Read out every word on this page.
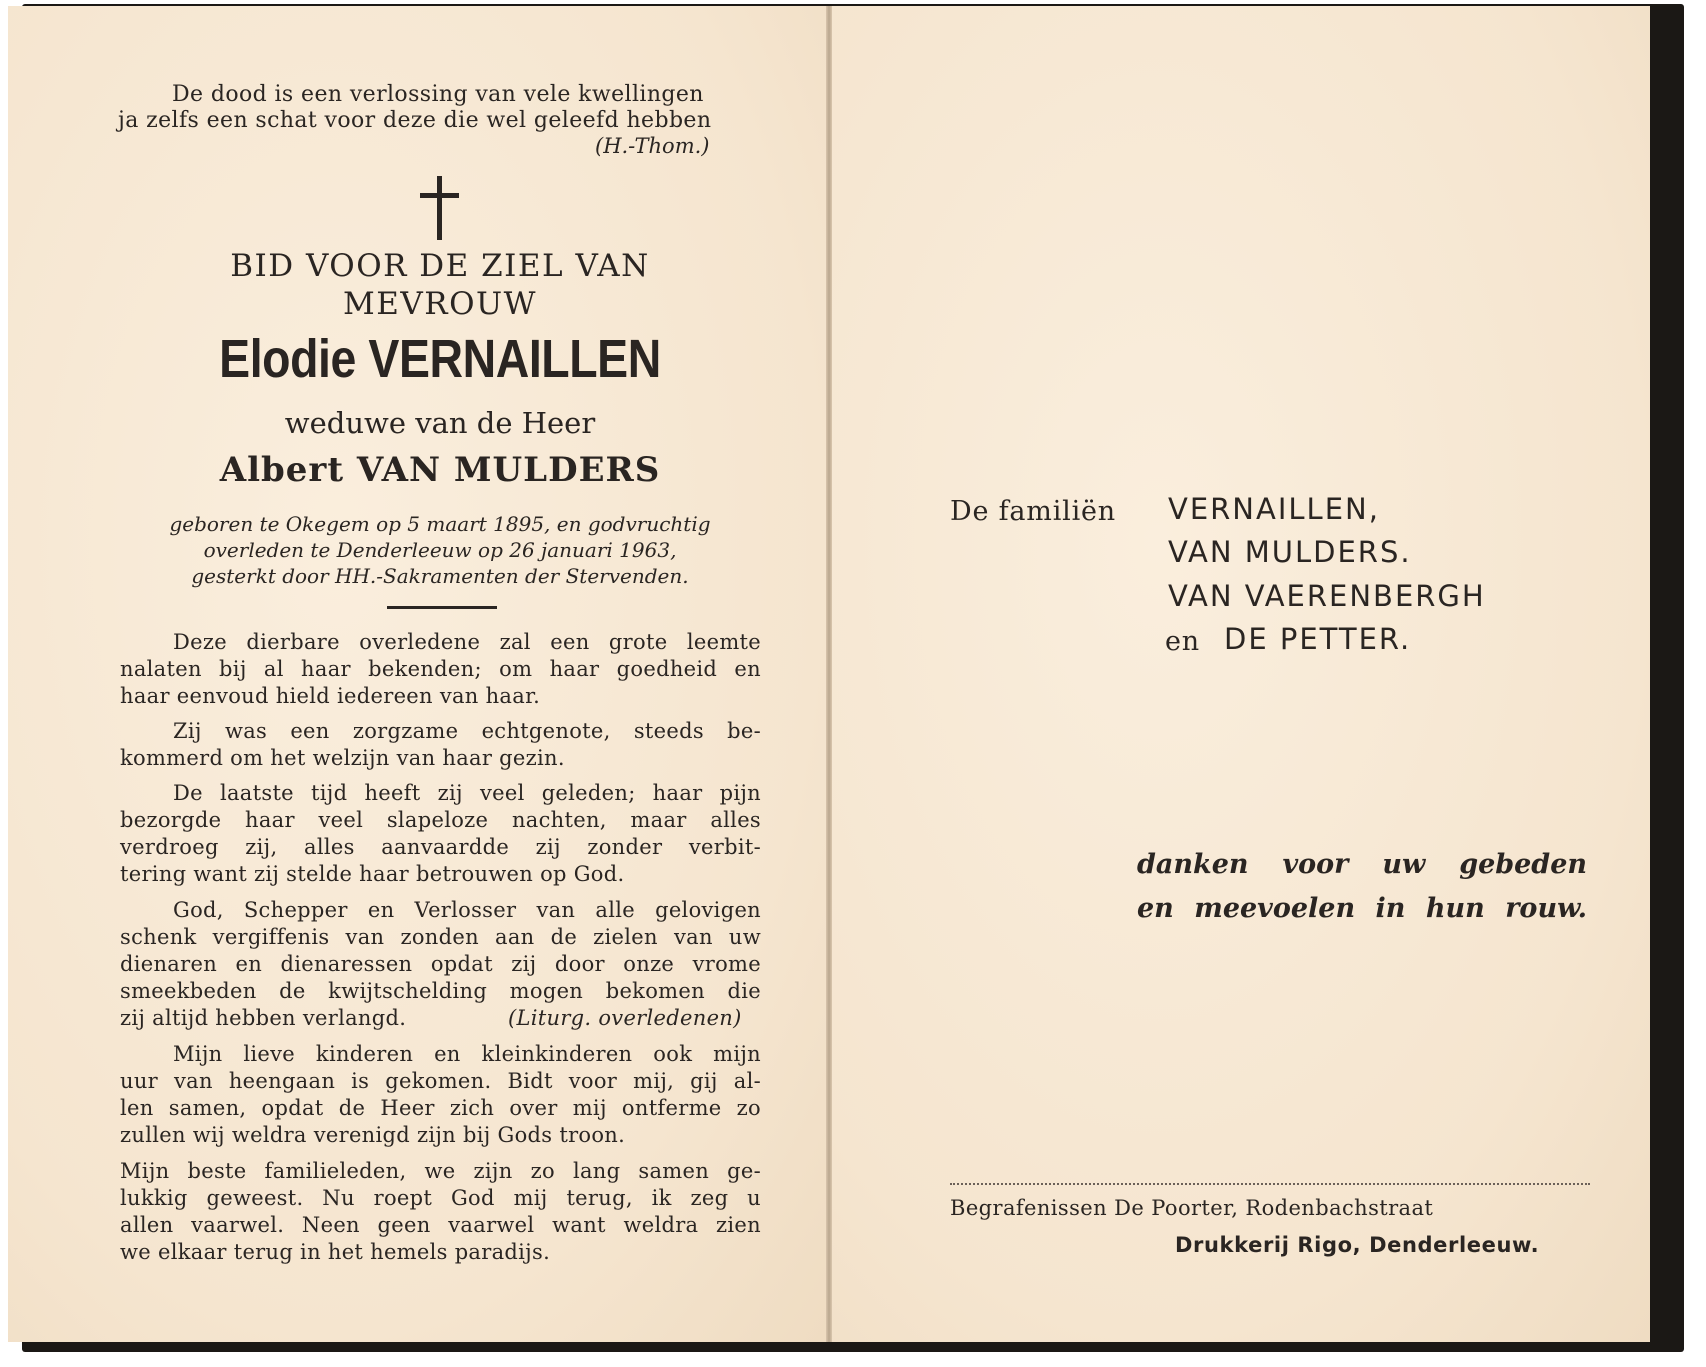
De dood is een verlossing van vele kwellingen
ja zelfs een schat voor deze die wel geleefd hebben
(H.-Thom.)
BID VOOR DE ZIEL VAN
MEVROUW
Elodie VERNAILLEN
weduwe van de Heer
Albert VAN MULDERS
geboren te Okegem op 5 maart 1895, en godvruchtig
overleden te Denderleeuw op 26 januari 1963,
gesterkt door HH.-Sakramenten der Stervenden.
Deze dierbare overledene zal een grote leemte
nalaten bij al haar bekenden; om haar goedheid en
haar eenvoud hield iedereen van haar.
Zij was een zorgzame echtgenote, steeds be-
kommerd om het welzijn van haar gezin.
De laatste tijd heeft zij veel geleden; haar pijn
bezorgde haar veel slapeloze nachten, maar alles
verdroeg zij, alles aanvaardde zij zonder verbit-
tering want zij stelde haar betrouwen op God.
God, Schepper en Verlosser van alle gelovigen
schenk vergiffenis van zonden aan de zielen van uw
dienaren en dienaressen opdat zij door onze vrome
smeekbeden de kwijtschelding mogen bekomen die
zij altijd hebben verlangd.	(Liturg. overledenen)
Mijn lieve kinderen en kleinkinderen ook mijn
uur van heengaan is gekomen. Bidt voor mij, gij al-
len samen, opdat de Heer zich over mij ontferme zo
zullen wij weldra verenigd zijn bij Gods troon.
Mijn beste familieleden, we zijn zo lang samen ge-
lukkig geweest. Nu roept God mij terug, ik zeg u
allen vaarwel. Neen geen vaarwel want weldra zien
we elkaar terug in het hemels paradijs.
De familiën VERNAILLEN,
VAN MULDERS.
VAN VAERENBERGH
en DE PETTER.
danken voor uw gebeden
en meevoelen in hun rouw.
Begrafenissen De Poorter, Rodenbachstraat
Drukkerij Rigo, Denderleeuw.
